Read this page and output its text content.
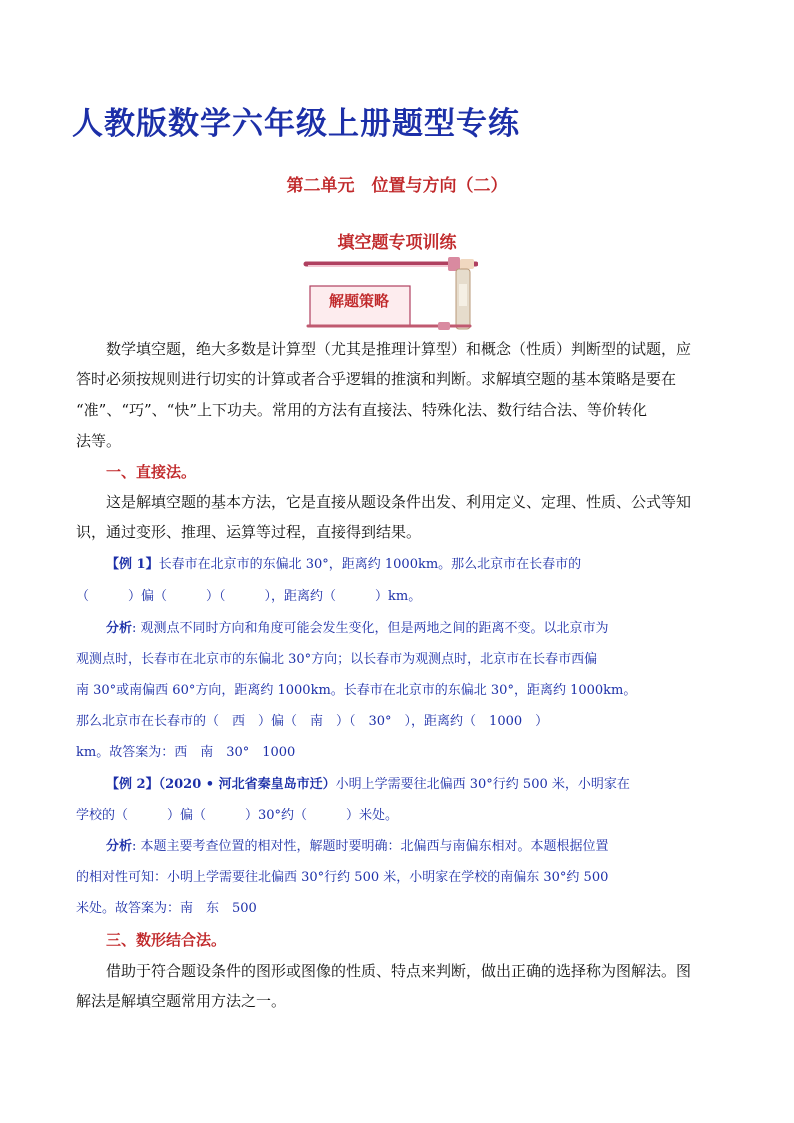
人教版数学六年级上册题型专练
第二单元　位置与方向（二）
填空题专项训练
解题策略
数学填空题，绝大多数是计算型（尤其是推理计算型）和概念（性质）判断型的试题，应
答时必须按规则进行切实的计算或者合乎逻辑的推演和判断。求解填空题的基本策略是要在
“准”、“巧”、“快”上下功夫。常用的方法有直接法、特殊化法、数行结合法、等价转化
法等。
一、直接法。
这是解填空题的基本方法，它是直接从题设条件出发、利用定义、定理、性质、公式等知
识，通过变形、推理、运算等过程，直接得到结果。
【例 1】长春市在北京市的东偏北 30°，距离约 1000km。那么北京市在长春市的
（　　　）偏（　　　）（　　　），距离约（　　　）km。
分析: 观测点不同时方向和角度可能会发生变化，但是两地之间的距离不变。以北京市为
观测点时，长春市在北京市的东偏北 30°方向；以长春市为观测点时，北京市在长春市西偏
南 30°或南偏西 60°方向，距离约 1000km。长春市在北京市的东偏北 30°，距离约 1000km。
那么北京市在长春市的（　西　）偏（　南　）（　30°　），距离约（　1000　）
km。故答案为：西　南　30°　1000
【例 2】（2020 • 河北省秦皇岛市迁）小明上学需要往北偏西 30°行约 500 米，小明家在
学校的（　　　）偏（　　　）30°约（　　　）米处。
分析: 本题主要考查位置的相对性，解题时要明确：北偏西与南偏东相对。本题根据位置
的相对性可知：小明上学需要往北偏西 30°行约 500 米，小明家在学校的南偏东 30°约 500
米处。故答案为：南　东　500
三、数形结合法。
借助于符合题设条件的图形或图像的性质、特点来判断，做出正确的选择称为图解法。图
解法是解填空题常用方法之一。
